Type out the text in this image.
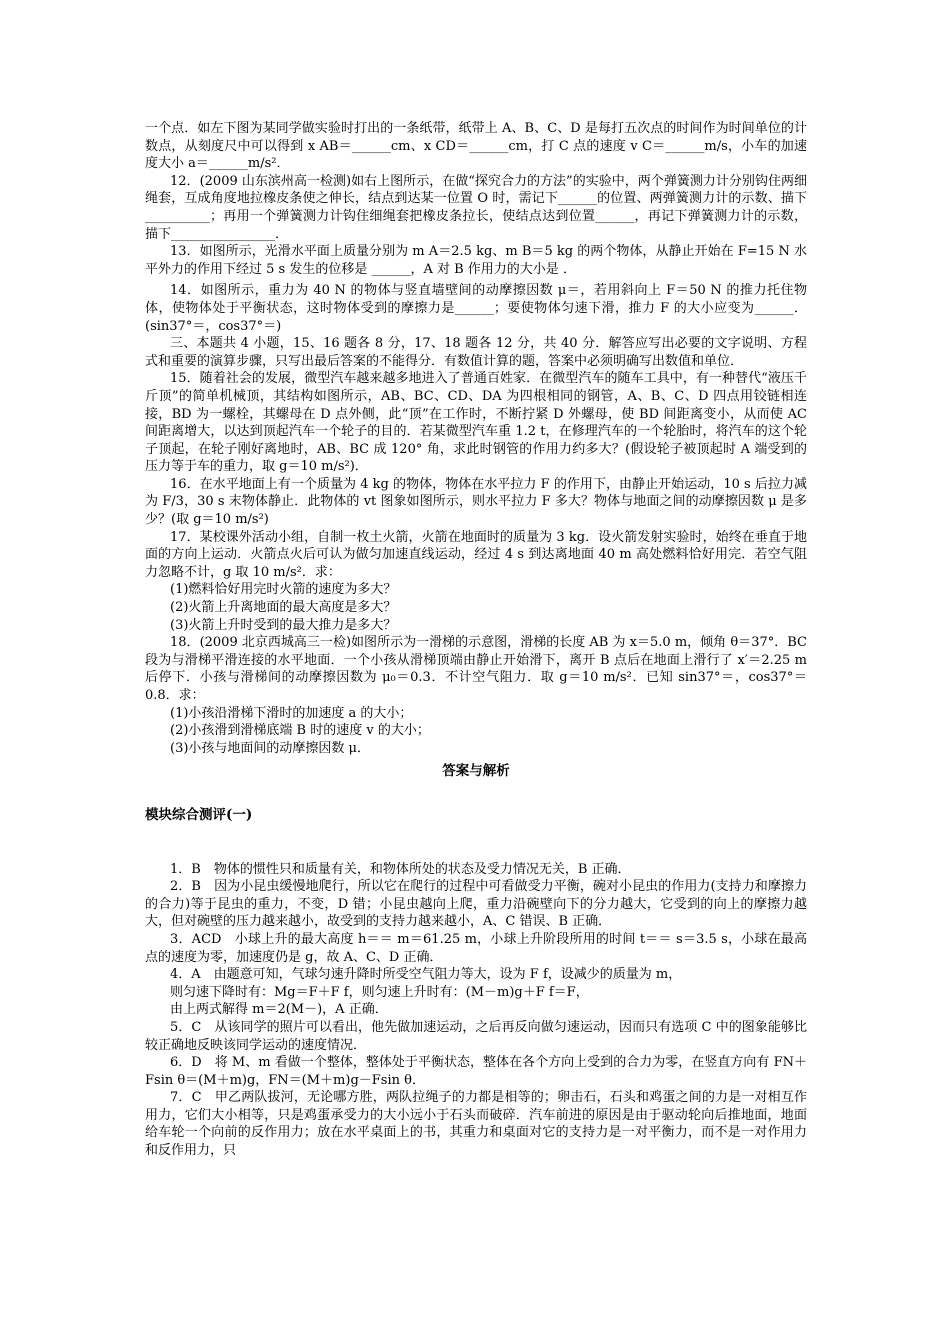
一个点．如左下图为某同学做实验时打出的一条纸带，纸带上 A、B、C、D 是每打五次点的时间作为时间单位的计数点，从刻度尺中可以得到 x AB＝______cm、x CD＝______cm，打 C 点的速度 v C＝______m/s，小车的加速度大小 a＝______m/s²．

12．(2009 山东滨州高一检测)如右上图所示，在做“探究合力的方法”的实验中，两个弹簧测力计分别钩住两细绳套，互成角度地拉橡皮条使之伸长，结点到达某一位置 O 时，需记下______的位置、两弹簧测力计的示数、描下__________；再用一个弹簧测力计钩住细绳套把橡皮条拉长，使结点达到位置______，再记下弹簧测力计的示数，描下________________．

13．如图所示，光滑水平面上质量分别为 m A＝2.5 kg、m B＝5 kg 的两个物体，从静止开始在 F=15 N 水平外力的作用下经过 5 s 发生的位移是 ______，A 对 B 作用力的大小是 ．

14．如图所示，重力为 40 N 的物体与竖直墙壁间的动摩擦因数 μ＝，若用斜向上 F＝50 N 的推力托住物体，使物体处于平衡状态，这时物体受到的摩擦力是______；要使物体匀速下滑，推力 F 的大小应变为______．(sin37°＝，cos37°＝)

三、本题共 4 小题，15、16 题各 8 分，17、18 题各 12 分，共 40 分．解答应写出必要的文字说明、方程式和重要的演算步骤，只写出最后答案的不能得分．有数值计算的题，答案中必须明确写出数值和单位．

15．随着社会的发展，微型汽车越来越多地进入了普通百姓家．在微型汽车的随车工具中，有一种替代“液压千斤顶”的简单机械顶，其结构如图所示，AB、BC、CD、DA 为四根相同的钢管，A、B、C、D 四点用铰链相连接，BD 为一螺栓，其螺母在 D 点外侧，此“顶”在工作时，不断拧紧 D 外螺母，使 BD 间距离变小，从而使 AC 间距离增大，以达到顶起汽车一个轮子的目的．若某微型汽车重 1.2 t，在修理汽车的一个轮胎时，将汽车的这个轮子顶起，在轮子刚好离地时，AB、BC 成 120° 角，求此时钢管的作用力约多大？(假设轮子被顶起时 A 端受到的压力等于车的重力，取 g＝10 m/s²)．

16．在水平地面上有一个质量为 4 kg 的物体，物体在水平拉力 F 的作用下，由静止开始运动，10 s 后拉力减为 F/3，30 s 末物体静止．此物体的 vt 图象如图所示，则水平拉力 F 多大？物体与地面之间的动摩擦因数 μ 是多少？(取 g＝10 m/s²)

17．某校课外活动小组，自制一枚土火箭，火箭在地面时的质量为 3 kg．设火箭发射实验时，始终在垂直于地面的方向上运动．火箭点火后可认为做匀加速直线运动，经过 4 s 到达离地面 40 m 高处燃料恰好用完．若空气阻力忽略不计，g 取 10 m/s²．求：

(1)燃料恰好用完时火箭的速度为多大？

(2)火箭上升离地面的最大高度是多大？

(3)火箭上升时受到的最大推力是多大？

18．(2009 北京西城高三一检)如图所示为一滑梯的示意图，滑梯的长度 AB 为 x＝5.0 m，倾角 θ＝37°．BC 段为与滑梯平滑连接的水平地面．一个小孩从滑梯顶端由静止开始滑下，离开 B 点后在地面上滑行了 x′＝2.25 m 后停下．小孩与滑梯间的动摩擦因数为 μ₀＝0.3．不计空气阻力．取 g＝10 m/s²．已知 sin37°＝，cos37°＝0.8．求：

(1)小孩沿滑梯下滑时的加速度 a 的大小；

(2)小孩滑到滑梯底端 B 时的速度 v 的大小；

(3)小孩与地面间的动摩擦因数 μ．

答案与解析

模块综合测评(一)

1．B　物体的惯性只和质量有关，和物体所处的状态及受力情况无关，B 正确．

2．B　因为小昆虫缓慢地爬行，所以它在爬行的过程中可看做受力平衡，碗对小昆虫的作用力(支持力和摩擦力的合力)等于昆虫的重力，不变，D 错；小昆虫越向上爬，重力沿碗壁向下的分力越大，它受到的向上的摩擦力越大，但对碗壁的压力越来越小，故受到的支持力越来越小，A、C 错误、B 正确．

3．ACD　小球上升的最大高度 h＝＝ m＝61.25 m，小球上升阶段所用的时间 t＝＝ s＝3.5 s，小球在最高点的速度为零，加速度仍是 g，故 A、C、D 正确．

4．A　由题意可知，气球匀速升降时所受空气阻力等大，设为 F f，设减少的质量为 m，

则匀速下降时有：Mg＝F＋F f，则匀速上升时有：(M－m)g＋F f＝F，

由上两式解得 m＝2(M－)，A 正确．

5．C　从该同学的照片可以看出，他先做加速运动，之后再反向做匀速运动，因而只有选项 C 中的图象能够比较正确地反映该同学运动的速度情况．

6．D　将 M、m 看做一个整体，整体处于平衡状态，整体在各个方向上受到的合力为零，在竖直方向有 FN＋Fsin θ＝(M＋m)g，FN＝(M＋m)g－Fsin θ．

7．C　甲乙两队拔河，无论哪方胜，两队拉绳子的力都是相等的；卵击石，石头和鸡蛋之间的力是一对相互作用力，它们大小相等，只是鸡蛋承受力的大小远小于石头而破碎．汽车前进的原因是由于驱动轮向后推地面，地面给车轮一个向前的反作用力；放在水平桌面上的书，其重力和桌面对它的支持力是一对平衡力，而不是一对作用力和反作用力，只
